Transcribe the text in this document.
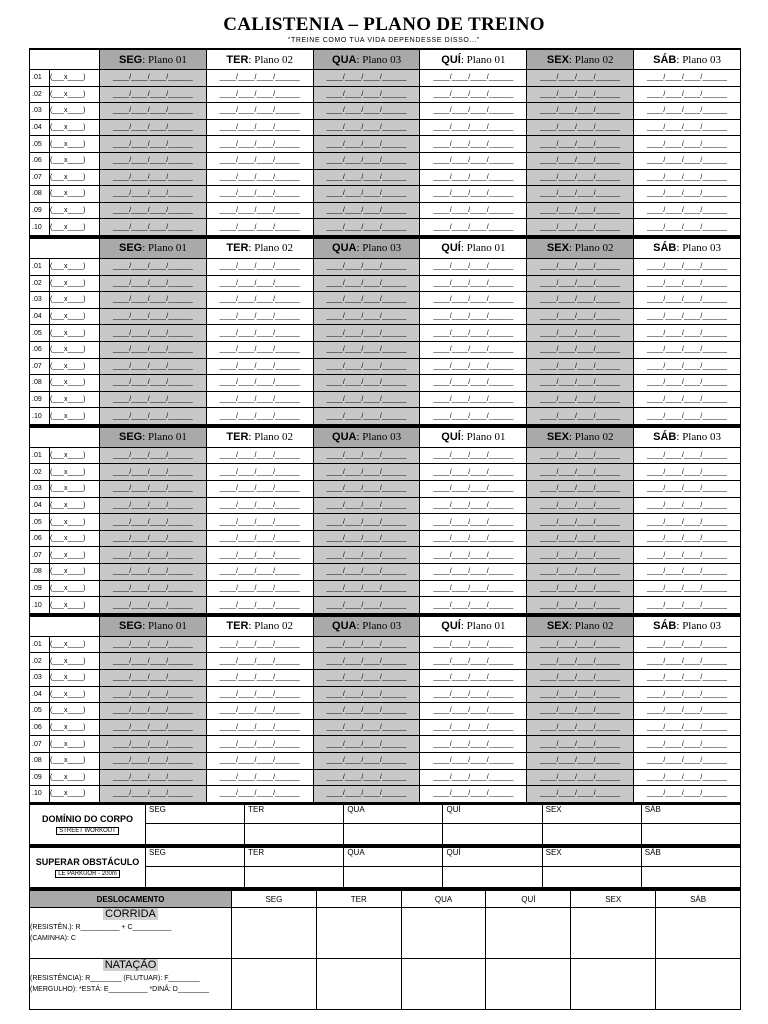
CALISTENIA – PLANO DE TREINO
“TREINE COMO TUA VIDA DEPENDESSE DISSO...”
		SEG: Plano 01	TER: Plano 02	QUA: Plano 03	QUÍ: Plano 01	SEX: Plano 02	SÁB: Plano 03
.01	(___x____)	____/____/____/______	____/____/____/______	____/____/____/______	____/____/____/______	____/____/____/______	____/____/____/______
.02	(___x____)	____/____/____/______	____/____/____/______	____/____/____/______	____/____/____/______	____/____/____/______	____/____/____/______
.03	(___x____)	____/____/____/______	____/____/____/______	____/____/____/______	____/____/____/______	____/____/____/______	____/____/____/______
.04	(___x____)	____/____/____/______	____/____/____/______	____/____/____/______	____/____/____/______	____/____/____/______	____/____/____/______
.05	(___x____)	____/____/____/______	____/____/____/______	____/____/____/______	____/____/____/______	____/____/____/______	____/____/____/______
.06	(___x____)	____/____/____/______	____/____/____/______	____/____/____/______	____/____/____/______	____/____/____/______	____/____/____/______
.07	(___x____)	____/____/____/______	____/____/____/______	____/____/____/______	____/____/____/______	____/____/____/______	____/____/____/______
.08	(___x____)	____/____/____/______	____/____/____/______	____/____/____/______	____/____/____/______	____/____/____/______	____/____/____/______
.09	(___x____)	____/____/____/______	____/____/____/______	____/____/____/______	____/____/____/______	____/____/____/______	____/____/____/______
.10	(___x____)	____/____/____/______	____/____/____/______	____/____/____/______	____/____/____/______	____/____/____/______	____/____/____/______
		SEG: Plano 01	TER: Plano 02	QUA: Plano 03	QUÍ: Plano 01	SEX: Plano 02	SÁB: Plano 03
.01	(___x____)	____/____/____/______	____/____/____/______	____/____/____/______	____/____/____/______	____/____/____/______	____/____/____/______
.02	(___x____)	____/____/____/______	____/____/____/______	____/____/____/______	____/____/____/______	____/____/____/______	____/____/____/______
.03	(___x____)	____/____/____/______	____/____/____/______	____/____/____/______	____/____/____/______	____/____/____/______	____/____/____/______
.04	(___x____)	____/____/____/______	____/____/____/______	____/____/____/______	____/____/____/______	____/____/____/______	____/____/____/______
.05	(___x____)	____/____/____/______	____/____/____/______	____/____/____/______	____/____/____/______	____/____/____/______	____/____/____/______
.06	(___x____)	____/____/____/______	____/____/____/______	____/____/____/______	____/____/____/______	____/____/____/______	____/____/____/______
.07	(___x____)	____/____/____/______	____/____/____/______	____/____/____/______	____/____/____/______	____/____/____/______	____/____/____/______
.08	(___x____)	____/____/____/______	____/____/____/______	____/____/____/______	____/____/____/______	____/____/____/______	____/____/____/______
.09	(___x____)	____/____/____/______	____/____/____/______	____/____/____/______	____/____/____/______	____/____/____/______	____/____/____/______
.10	(___x____)	____/____/____/______	____/____/____/______	____/____/____/______	____/____/____/______	____/____/____/______	____/____/____/______
		SEG: Plano 01	TER: Plano 02	QUA: Plano 03	QUÍ: Plano 01	SEX: Plano 02	SÁB: Plano 03
.01	(___x____)	____/____/____/______	____/____/____/______	____/____/____/______	____/____/____/______	____/____/____/______	____/____/____/______
.02	(___x____)	____/____/____/______	____/____/____/______	____/____/____/______	____/____/____/______	____/____/____/______	____/____/____/______
.03	(___x____)	____/____/____/______	____/____/____/______	____/____/____/______	____/____/____/______	____/____/____/______	____/____/____/______
.04	(___x____)	____/____/____/______	____/____/____/______	____/____/____/______	____/____/____/______	____/____/____/______	____/____/____/______
.05	(___x____)	____/____/____/______	____/____/____/______	____/____/____/______	____/____/____/______	____/____/____/______	____/____/____/______
.06	(___x____)	____/____/____/______	____/____/____/______	____/____/____/______	____/____/____/______	____/____/____/______	____/____/____/______
.07	(___x____)	____/____/____/______	____/____/____/______	____/____/____/______	____/____/____/______	____/____/____/______	____/____/____/______
.08	(___x____)	____/____/____/______	____/____/____/______	____/____/____/______	____/____/____/______	____/____/____/______	____/____/____/______
.09	(___x____)	____/____/____/______	____/____/____/______	____/____/____/______	____/____/____/______	____/____/____/______	____/____/____/______
.10	(___x____)	____/____/____/______	____/____/____/______	____/____/____/______	____/____/____/______	____/____/____/______	____/____/____/______
		SEG: Plano 01	TER: Plano 02	QUA: Plano 03	QUÍ: Plano 01	SEX: Plano 02	SÁB: Plano 03
.01	(___x____)	____/____/____/______	____/____/____/______	____/____/____/______	____/____/____/______	____/____/____/______	____/____/____/______
.02	(___x____)	____/____/____/______	____/____/____/______	____/____/____/______	____/____/____/______	____/____/____/______	____/____/____/______
.03	(___x____)	____/____/____/______	____/____/____/______	____/____/____/______	____/____/____/______	____/____/____/______	____/____/____/______
.04	(___x____)	____/____/____/______	____/____/____/______	____/____/____/______	____/____/____/______	____/____/____/______	____/____/____/______
.05	(___x____)	____/____/____/______	____/____/____/______	____/____/____/______	____/____/____/______	____/____/____/______	____/____/____/______
.06	(___x____)	____/____/____/______	____/____/____/______	____/____/____/______	____/____/____/______	____/____/____/______	____/____/____/______
.07	(___x____)	____/____/____/______	____/____/____/______	____/____/____/______	____/____/____/______	____/____/____/______	____/____/____/______
.08	(___x____)	____/____/____/______	____/____/____/______	____/____/____/______	____/____/____/______	____/____/____/______	____/____/____/______
.09	(___x____)	____/____/____/______	____/____/____/______	____/____/____/______	____/____/____/______	____/____/____/______	____/____/____/______
.10	(___x____)	____/____/____/______	____/____/____/______	____/____/____/______	____/____/____/______	____/____/____/______	____/____/____/______
DOMÍNIO DO CORPO
STREET WORKOUT	SEG	TER	QUA	QUÍ	SEX	SÁB

SUPERAR OBSTÁCULO
LE PARKUOR - 200m	SEG	TER	QUA	QUÍ	SEX	SÁB

DESLOCAMENTO	SEG	TER	QUA	QUÍ	SEX	SÁB

CORRIDA
(RESISTÊN.): R__________ + C__________
(CAMINHA): C						

NATAÇÃO
(RESISTÊNCIA): R________ (FLUTUAR): F________
(MERGULHO): *ESTÁ: E__________ *DINÂ: D________						
